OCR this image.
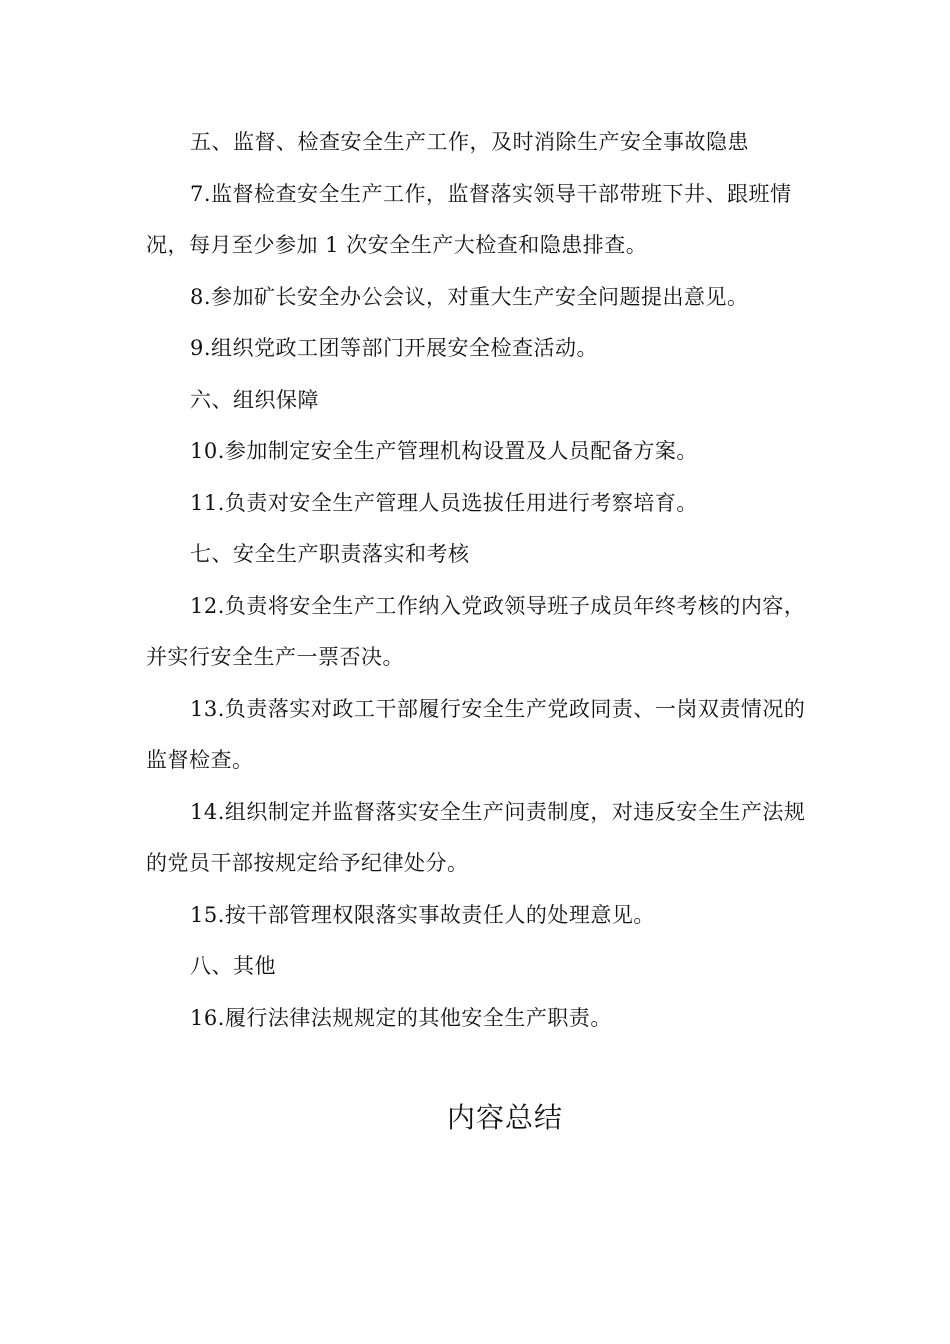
五、监督、检查安全生产工作，及时消除生产安全事故隐患

7.监督检查安全生产工作，监督落实领导干部带班下井、跟班情况，每月至少参加 1 次安全生产大检查和隐患排查。

8.参加矿长安全办公会议，对重大生产安全问题提出意见。

9.组织党政工团等部门开展安全检查活动。

六、组织保障

10.参加制定安全生产管理机构设置及人员配备方案。

11.负责对安全生产管理人员选拔任用进行考察培育。

七、安全生产职责落实和考核

12.负责将安全生产工作纳入党政领导班子成员年终考核的内容，并实行安全生产一票否决。

13.负责落实对政工干部履行安全生产党政同责、一岗双责情况的监督检查。

14.组织制定并监督落实安全生产问责制度，对违反安全生产法规的党员干部按规定给予纪律处分。

15.按干部管理权限落实事故责任人的处理意见。

八、其他

16.履行法律法规规定的其他安全生产职责。

内容总结
